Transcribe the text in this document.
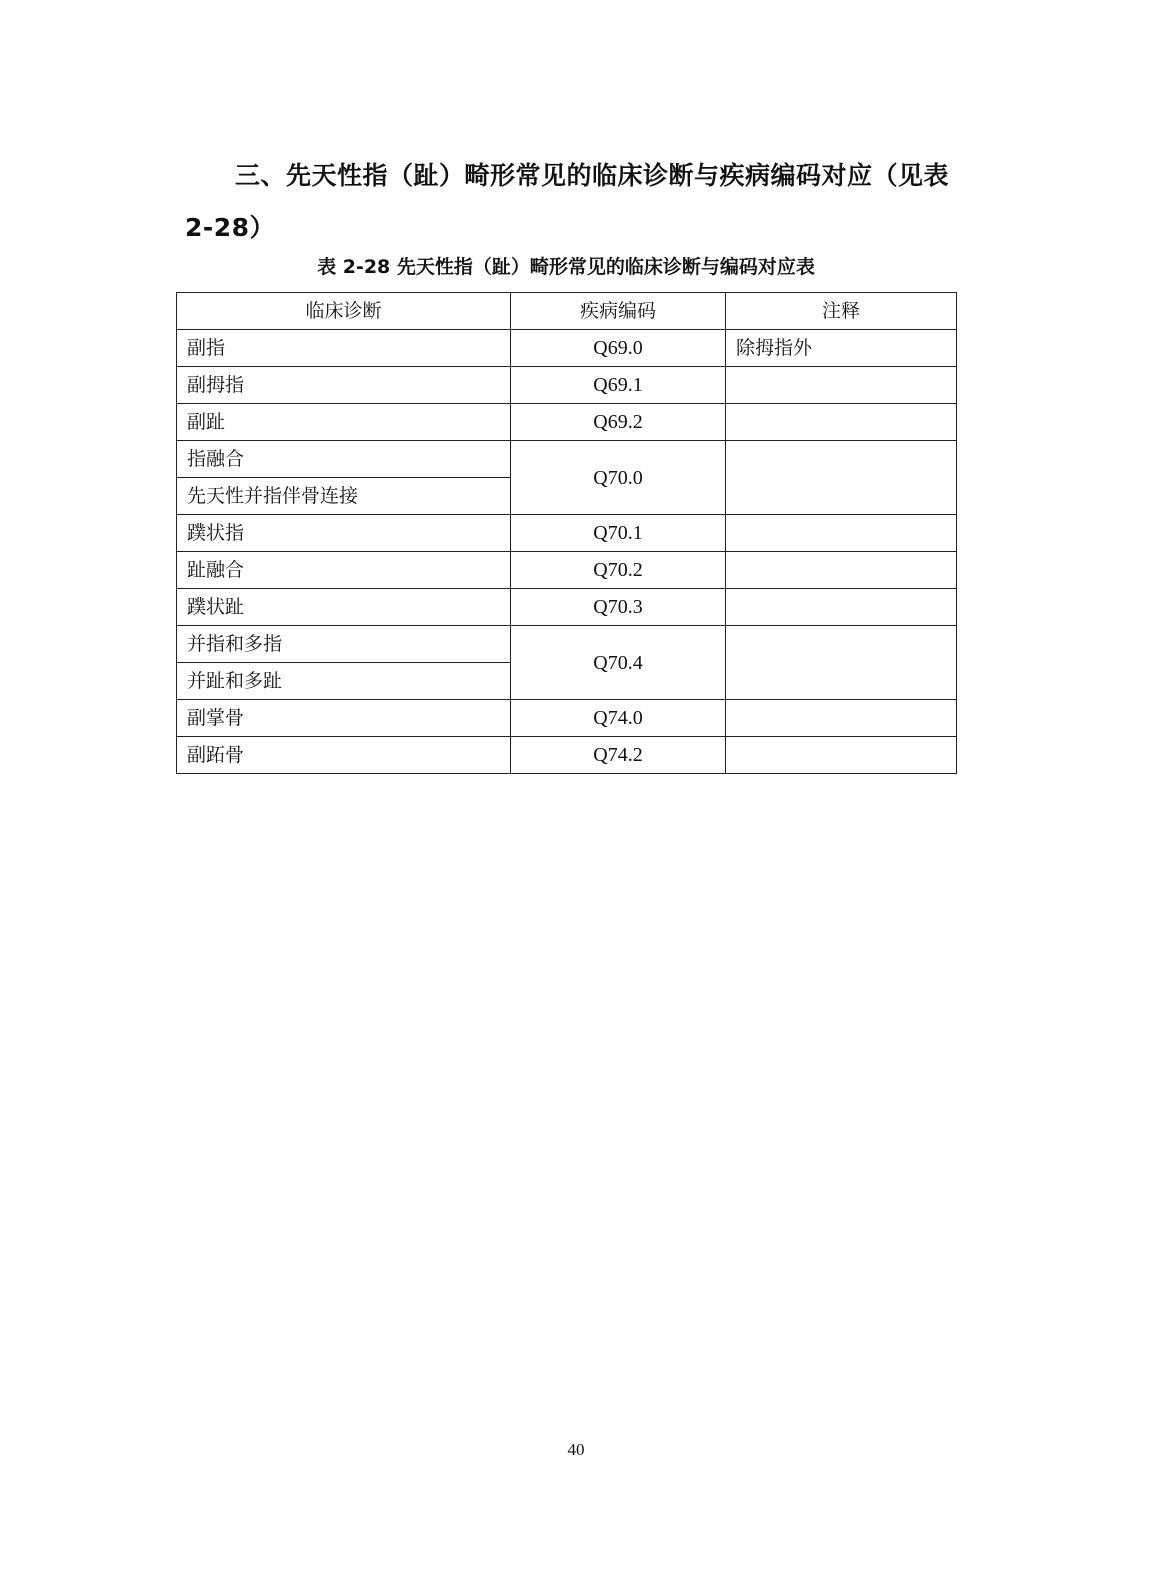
三、先天性指（趾）畸形常见的临床诊断与疾病编码对应（见表2-28）

表 2-28 先天性指（趾）畸形常见的临床诊断与编码对应表

临床诊断	疾病编码	注释
副指	Q69.0	除拇指外
副拇指	Q69.1	
副趾	Q69.2	
指融合	Q70.0	
先天性并指伴骨连接		
蹼状指	Q70.1	
趾融合	Q70.2	
蹼状趾	Q70.3	
并指和多指	Q70.4	
并趾和多趾		
副掌骨	Q74.0	
副跖骨	Q74.2	

40
